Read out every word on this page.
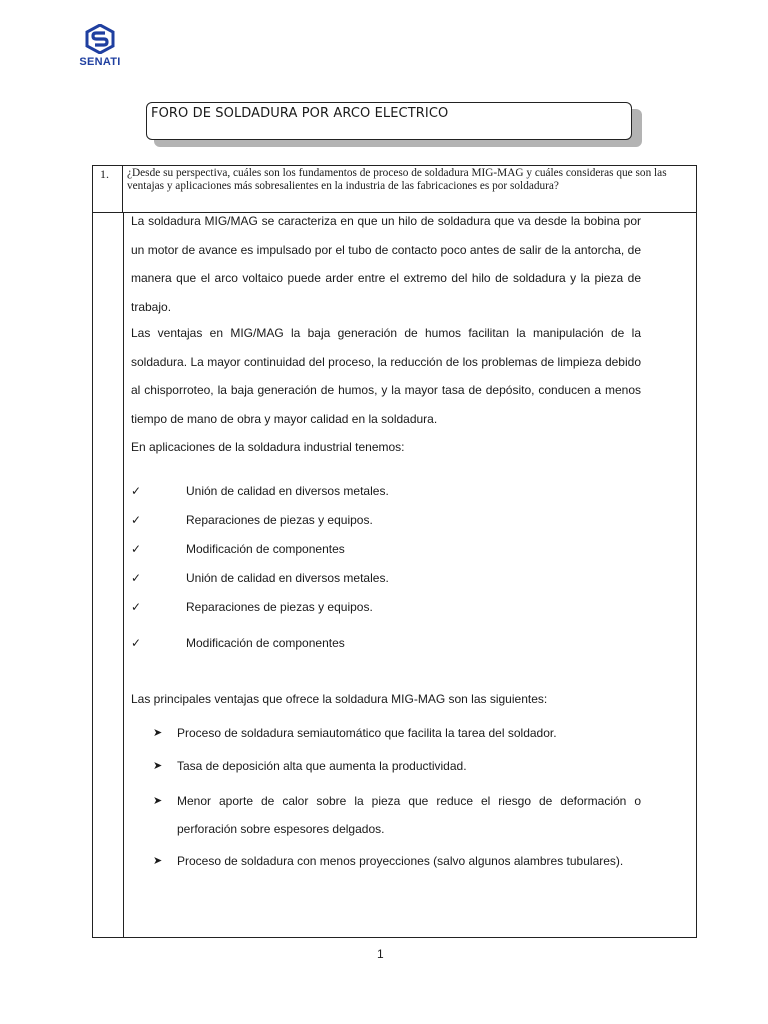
SENATI
FORO DE SOLDADURA POR ARCO ELECTRICO
1. ¿Desde su perspectiva, cuáles son los fundamentos de proceso de soldadura MIG-MAG y cuáles consideras que son las ventajas y aplicaciones más sobresalientes en la industria de las fabricaciones es por soldadura?
La soldadura MIG/MAG se caracteriza en que un hilo de soldadura que va desde la bobina por un motor de avance es impulsado por el tubo de contacto poco antes de salir de la antorcha, de manera que el arco voltaico puede arder entre el extremo del hilo de soldadura y la pieza de trabajo.
Las ventajas en MIG/MAG la baja generación de humos facilitan la manipulación de la soldadura. La mayor continuidad del proceso, la reducción de los problemas de limpieza debido al chisporroteo, la baja generación de humos, y la mayor tasa de depósito, conducen a menos tiempo de mano de obra y mayor calidad en la soldadura.
En aplicaciones de la soldadura industrial tenemos:
✓	Unión de calidad en diversos metales.
✓	Reparaciones de piezas y equipos.
✓	Modificación de componentes
✓	Unión de calidad en diversos metales.
✓	Reparaciones de piezas y equipos.
✓	Modificación de componentes
Las principales ventajas que ofrece la soldadura MIG-MAG son las siguientes:
➤ Proceso de soldadura semiautomático que facilita la tarea del soldador.
➤ Tasa de deposición alta que aumenta la productividad.
➤ Menor aporte de calor sobre la pieza que reduce el riesgo de deformación o perforación sobre espesores delgados.
➤ Proceso de soldadura con menos proyecciones (salvo algunos alambres tubulares).
1
